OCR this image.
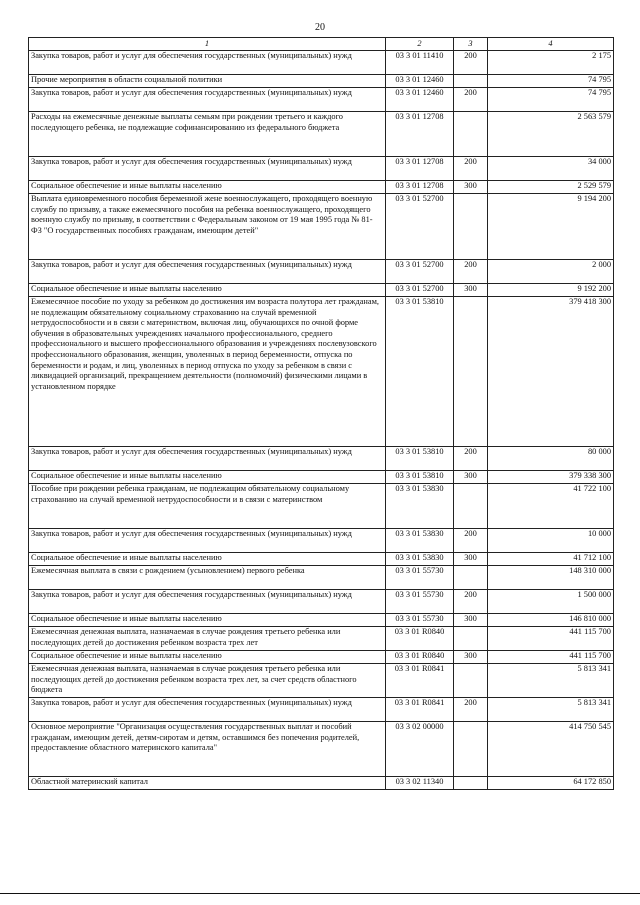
20
1	2	3	4
Закупка товаров, работ и услуг для обеспечения государственных (муниципальных) нужд	03 3 01 11410	200	2 175
Прочие мероприятия в области социальной политики	03 3 01 12460		74 795
Закупка товаров, работ и услуг для обеспечения государственных (муниципальных) нужд	03 3 01 12460	200	74 795
Расходы на ежемесячные денежные выплаты семьям при рождении третьего и каждого последующего ребенка, не подлежащие софинансированию из федерального бюджета	03 3 01 12708		2 563 579
Закупка товаров, работ и услуг для обеспечения государственных (муниципальных) нужд	03 3 01 12708	200	34 000
Социальное обеспечение и иные выплаты населению	03 3 01 12708	300	2 529 579
Выплата единовременного пособия беременной жене военнослужащего, проходящего военную службу по призыву, а также ежемесячного пособия на ребенка военнослужащего, проходящего военную службу по призыву, в соответствии с Федеральным законом от 19 мая 1995 года № 81-ФЗ "О государственных пособиях гражданам, имеющим детей"	03 3 01 52700		9 194 200
Закупка товаров, работ и услуг для обеспечения государственных (муниципальных) нужд	03 3 01 52700	200	2 000
Социальное обеспечение и иные выплаты населению	03 3 01 52700	300	9 192 200
Ежемесячное пособие по уходу за ребенком до достижения им возраста полутора лет гражданам, не подлежащим обязательному социальному страхованию на случай временной нетрудоспособности и в связи с материнством, включая лиц, обучающихся по очной форме обучения в образовательных учреждениях начального профессионального, среднего профессионального и высшего профессионального образования и учреждениях послевузовского профессионального образования, женщин, уволенных в период беременности, отпуска по беременности и родам, и лиц, уволенных в период отпуска по уходу за ребенком в связи с ликвидацией организаций, прекращением деятельности (полномочий) физическими лицами в установленном порядке	03 3 01 53810		379 418 300
Закупка товаров, работ и услуг для обеспечения государственных (муниципальных) нужд	03 3 01 53810	200	80 000
Социальное обеспечение и иные выплаты населению	03 3 01 53810	300	379 338 300
Пособие при рождении ребенка гражданам, не подлежащим обязательному социальному страхованию на случай временной нетрудоспособности и в связи с материнством	03 3 01 53830		41 722 100
Закупка товаров, работ и услуг для обеспечения государственных (муниципальных) нужд	03 3 01 53830	200	10 000
Социальное обеспечение и иные выплаты населению	03 3 01 53830	300	41 712 100
Ежемесячная выплата в связи с рождением (усыновлением) первого ребенка	03 3 01 55730		148 310 000
Закупка товаров, работ и услуг для обеспечения государственных (муниципальных) нужд	03 3 01 55730	200	1 500 000
Социальное обеспечение и иные выплаты населению	03 3 01 55730	300	146 810 000
Ежемесячная денежная выплата, назначаемая в случае рождения третьего ребенка или последующих детей до достижения ребенком возраста трех лет	03 3 01 R0840		441 115 700
Социальное обеспечение и иные выплаты населению	03 3 01 R0840	300	441 115 700
Ежемесячная денежная выплата, назначаемая в случае рождения третьего ребенка или последующих детей до достижения ребенком возраста трех лет, за счет средств областного бюджета	03 3 01 R0841		5 813 341
Закупка товаров, работ и услуг для обеспечения государственных (муниципальных) нужд	03 3 01 R0841	200	5 813 341
Основное мероприятие "Организация осуществления государственных выплат и пособий гражданам, имеющим детей, детям-сиротам и детям, оставшимся без попечения родителей, предоставление областного материнского капитала"	03 3 02 00000		414 750 545
Областной материнский капитал	03 3 02 11340		64 172 850
